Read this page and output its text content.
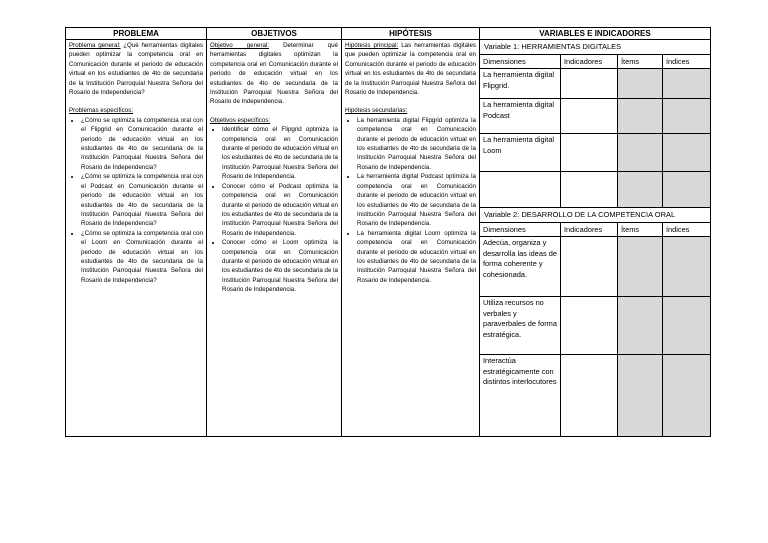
PROBLEMA

Problema general: ¿Qué herramientas digitales pueden optimizar la competencia oral en Comunicación durante el periodo de educación virtual en los estudiantes de 4to de secundaria de la Institución Parroquial Nuestra Señora del Rosario de Independencia?

Problemas específicos:

• ¿Cómo se optimiza la competencia oral con el Flipgrid en Comunicación durante el periodo de educación virtual en los estudiantes de 4to de secundaria de la Institución Parroquial Nuestra Señora del Rosario de Independencia?
• ¿Cómo se optimiza la competencia oral con el Podcast en Comunicación durante el periodo de educación virtual en los estudiantes de 4to de secundaria de la Institución Parroquial Nuestra Señora del Rosario de Independencia?
• ¿Cómo se optimiza la competencia oral con el Loom en Comunicación durante el periodo de educación virtual en los estudiantes de 4to de secundaria de la Institución Parroquial Nuestra Señora del Rosario de Independencia?
OBJETIVOS

Objetivo general: Determinar qué herramientas digitales optimizan la competencia oral en Comunicación durante el periodo de educación virtual en los estudiantes de 4to de secundaria de la Institución Parroquial Nuestra Señora del Rosario de Independencia.

Objetivos específicos:

• Identificar cómo el Flipgrid optimiza la competencia oral en Comunicación durante el periodo de educación virtual en los estudiantes de 4to de secundaria de la Institución Parroquial Nuestra Señora del Rosario de Independencia.
• Conocer cómo el Podcast optimiza la competencia oral en Comunicación durante el periodo de educación virtual en los estudiantes de 4to de secundaria de la Institución Parroquial Nuestra Señora del Rosario de Independencia.
• Conocer cómo el Loom optimiza la competencia oral en Comunicación durante el periodo de educación virtual en los estudiantes de 4to de secundaria de la Institución Parroquial Nuestra Señora del Rosario de Independencia.
HIPÓTESIS

Hipótesis principal: Las herramientas digitales que pueden optimizar la competencia oral en Comunicación durante el periodo de educación virtual en los estudiantes de 4to de secundaria de la Institución Parroquial Nuestra Señora del Rosario de Independencia.

Hipótesis secundarias:

• La herramienta digital Flipgrid optimiza la competencia oral en Comunicación durante el periodo de educación virtual en los estudiantes de 4to de secundaria de la Institución Parroquial Nuestra Señora del Rosario de Independencia.
• La herramienta digital Podcast optimiza la competencia oral en Comunicación durante el periodo de educación virtual en los estudiantes de 4to de secundaria de la Institución Parroquial Nuestra Señora del Rosario de Independencia.
• La herramienta digital Loom optimiza la competencia oral en Comunicación durante el periodo de educación virtual en los estudiantes de 4to de secundaria de la Institución Parroquial Nuestra Señora del Rosario de Independencia.
VARIABLES E INDICADORES
Variable 1: HERRAMIENTAS DIGITALES
Dimensiones	Indicadores	Ítems	índices
La herramienta digital Flipgrid.
La herramienta digital Podcast
La herramienta digital Loom
Variable 2: DESARROLLO DE LA COMPETENCIA ORAL
Dimensiones	Indicadores	Ítems	índices
Adecúa, organiza y desarrolla las ideas de forma coherente y cohesionada.
Utiliza recursos no verbales y paraverbales de forma estratégica.
Interactúa estratégicamente con distintos interlocutores
